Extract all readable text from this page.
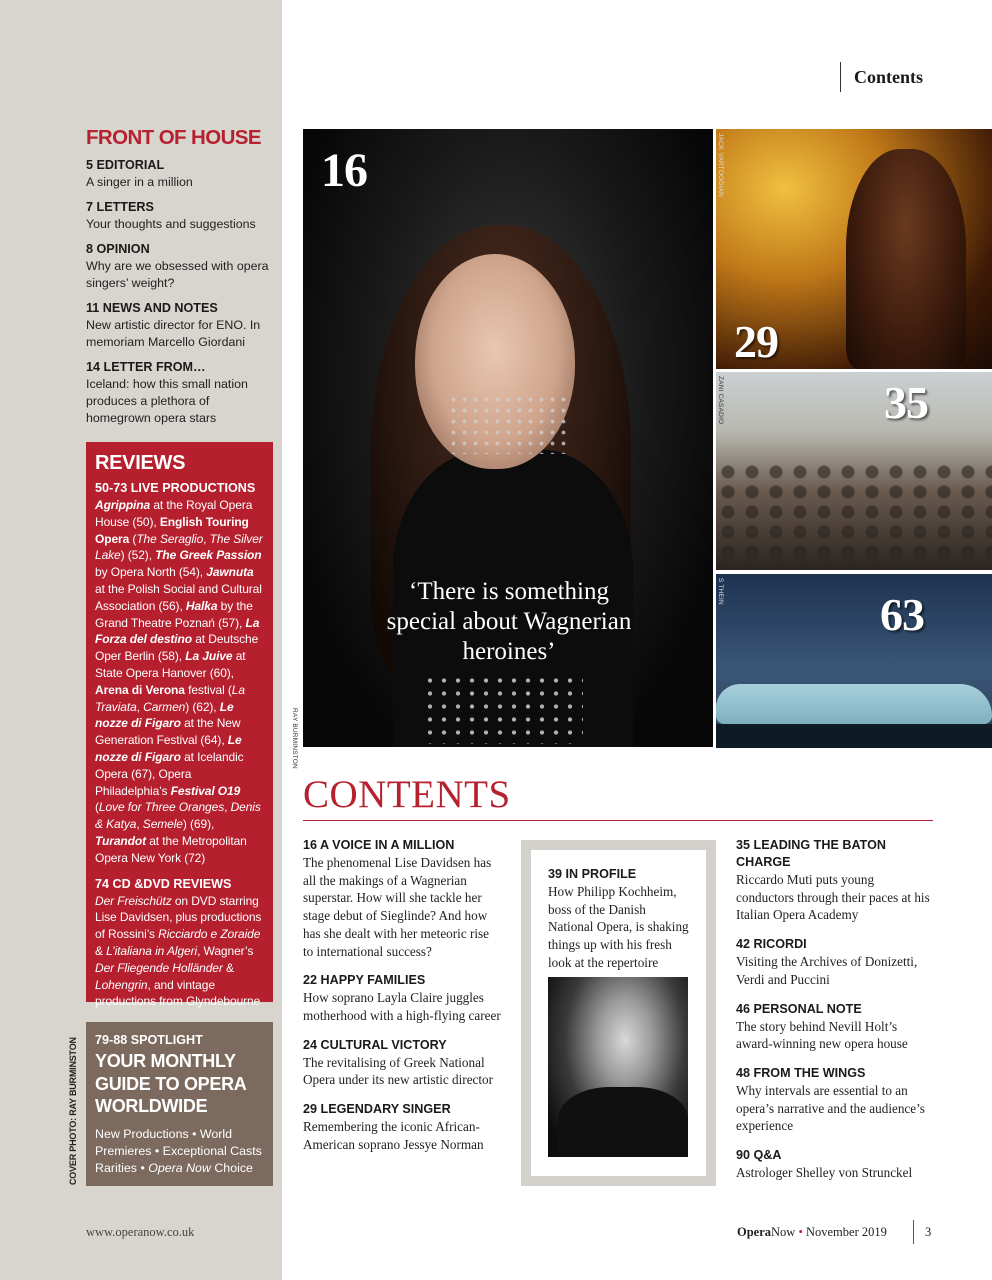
Contents
FRONT OF HOUSE
5 EDITORIAL
A singer in a million
7 LETTERS
Your thoughts and suggestions
8 OPINION
Why are we obsessed with opera singers’ weight?
11 NEWS AND NOTES
New artistic director for ENO. In memoriam Marcello Giordani
14 LETTER FROM…
Iceland: how this small nation produces a plethora of homegrown opera stars
REVIEWS
50-73 LIVE PRODUCTIONS
Agrippina at the Royal Opera House (50), English Touring Opera (The Seraglio, The Silver Lake) (52), The Greek Passion by Opera North (54), Jawnuta at the Polish Social and Cultural Association (56), Halka by the Grand Theatre Poznań (57), La Forza del destino at Deutsche Oper Berlin (58), La Juive at State Opera Hanover (60), Arena di Verona festival (La Traviata, Carmen) (62), Le nozze di Figaro at the New Generation Festival (64), Le nozze di Figaro at Icelandic Opera (67), Opera Philadelphia’s Festival O19 (Love for Three Oranges, Denis & Katya, Semele) (69), Turandot at the Metropolitan Opera New York (72)
74 CD &DVD REVIEWS
Der Freischütz on DVD starring Lise Davidsen, plus productions of Rossini’s Ricciardo e Zoraide & L’italiana in Algeri, Wagner’s Der Fliegende Holländer & Lohengrin, and vintage productions from Glyndebourne
79-88 SPOTLIGHT
YOUR MONTHLY GUIDE TO OPERA WORLDWIDE
New Productions • World Premieres • Exceptional Casts Rarities • Opera Now Choice
COVER PHOTO: RAY BURMINSTON
www.operanow.co.uk
16
‘There is something special about Wagnerian heroines’
RAY BURMINSTON
29
JACK VARTOOGIAN
35
ZANI CASADIO
63
S THEIN
CONTENTS
16 A VOICE IN A MILLION
The phenomenal Lise Davidsen has all the makings of a Wagnerian superstar. How will she tackle her stage debut of Sieglinde? And how has she dealt with her meteoric rise to international success?
22 HAPPY FAMILIES
How soprano Layla Claire juggles motherhood with a high-flying career
24 CULTURAL VICTORY
The revitalising of Greek National Opera under its new artistic director
29 LEGENDARY SINGER
Remembering the iconic African-American soprano Jessye Norman
39 IN PROFILE
How Philipp Kochheim, boss of the Danish National Opera, is shaking things up with his fresh look at the repertoire
35 LEADING THE BATON CHARGE
Riccardo Muti puts young conductors through their paces at his Italian Opera Academy
42 RICORDI
Visiting the Archives of Donizetti, Verdi and Puccini
46 PERSONAL NOTE
The story behind Nevill Holt’s award-winning new opera house
48 FROM THE WINGS
Why intervals are essential to an opera’s narrative and the audience’s experience
90 Q&A
Astrologer Shelley von Strunckel
OperaNow • November 2019	3
